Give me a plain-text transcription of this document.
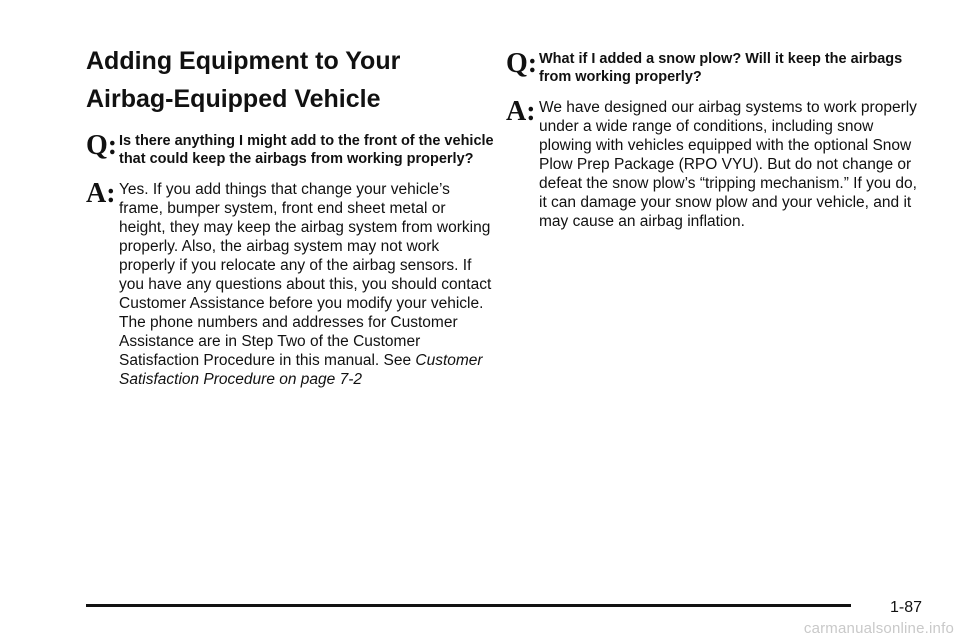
Adding Equipment to Your
Airbag-Equipped Vehicle
Q: Is there anything I might add to the front of the vehicle that could keep the airbags from working properly?
A: Yes. If you add things that change your vehicle’s frame, bumper system, front end sheet metal or height, they may keep the airbag system from working properly. Also, the airbag system may not work properly if you relocate any of the airbag sensors. If you have any questions about this, you should contact Customer Assistance before you modify your vehicle. The phone numbers and addresses for Customer Assistance are in Step Two of the Customer Satisfaction Procedure in this manual. See Customer Satisfaction Procedure on page 7-2
Q: What if I added a snow plow? Will it keep the airbags from working properly?
A: We have designed our airbag systems to work properly under a wide range of conditions, including snow plowing with vehicles equipped with the optional Snow Plow Prep Package (RPO VYU). But do not change or defeat the snow plow’s “tripping mechanism.” If you do, it can damage your snow plow and your vehicle, and it may cause an airbag inflation.
1-87
carmanualsonline.info
